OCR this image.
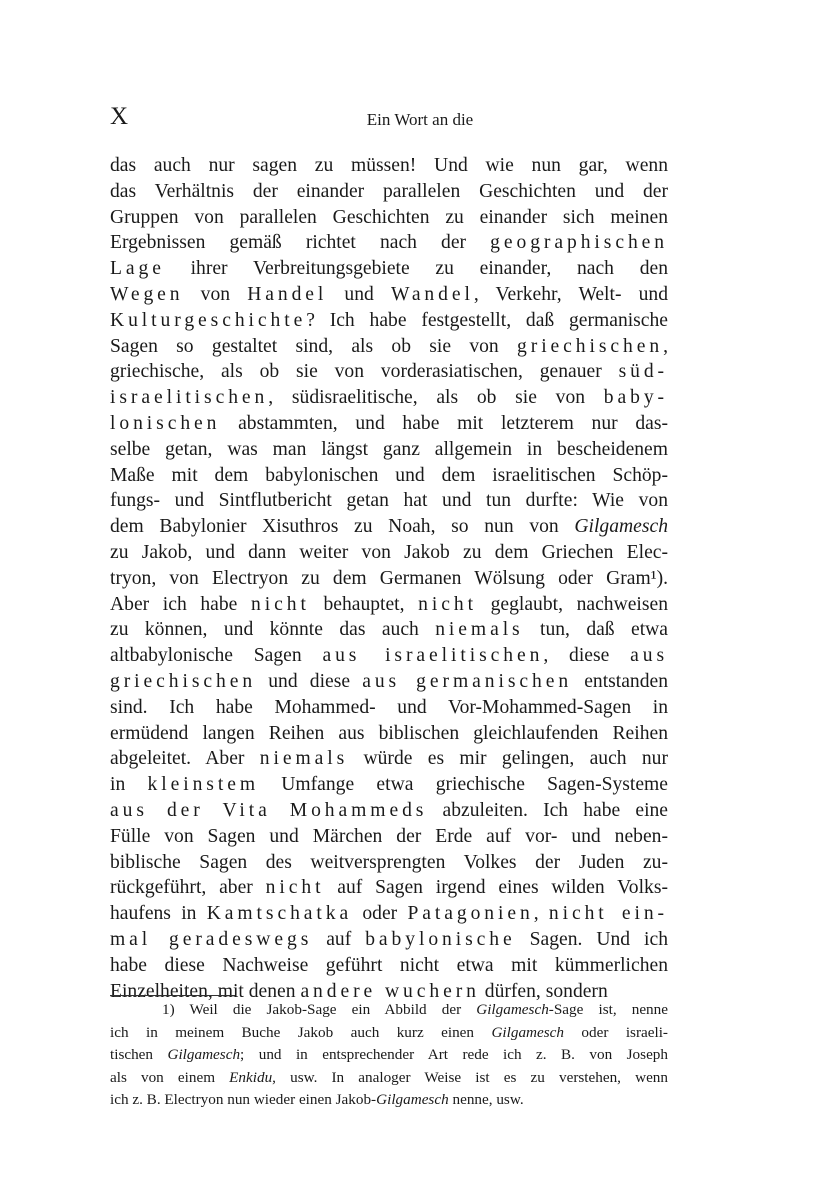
X	Ein Wort an die
das auch nur sagen zu müssen! Und wie nun gar, wenn
das Verhältnis der einander parallelen Geschichten und der
Gruppen von parallelen Geschichten zu einander sich meinen
Ergebnissen gemäß richtet nach der geographischen
Lage ihrer Verbreitungsgebiete zu einander, nach den
Wegen von Handel und Wandel, Verkehr, Welt- und
Kulturgeschichte? Ich habe festgestellt, daß germanische
Sagen so gestaltet sind, als ob sie von griechischen,
griechische, als ob sie von vorderasiatischen, genauer süd-
israelitischen, südisraelitische, als ob sie von baby-
lonischen abstammten, und habe mit letzterem nur das-
selbe getan, was man längst ganz allgemein in bescheidenem
Maße mit dem babylonischen und dem israelitischen Schöp-
fungs- und Sintflutbericht getan hat und tun durfte: Wie von
dem Babylonier Xisuthros zu Noah, so nun von Gilgamesch
zu Jakob, und dann weiter von Jakob zu dem Griechen Elec-
tryon, von Electryon zu dem Germanen Wölsung oder Gram¹).
Aber ich habe nicht behauptet, nicht geglaubt, nachweisen
zu können, und könnte das auch niemals tun, daß etwa
altbabylonische Sagen aus israelitischen, diese aus
griechischen und diese aus germanischen entstanden
sind. Ich habe Mohammed- und Vor-Mohammed-Sagen in
ermüdend langen Reihen aus biblischen gleichlaufenden Reihen
abgeleitet. Aber niemals würde es mir gelingen, auch nur
in kleinstem Umfange etwa griechische Sagen-Systeme
aus der Vita Mohammeds abzuleiten. Ich habe eine
Fülle von Sagen und Märchen der Erde auf vor- und neben-
biblische Sagen des weitversprengten Volkes der Juden zu-
rückgeführt, aber nicht auf Sagen irgend eines wilden Volks-
haufens in Kamtschatka oder Patagonien, nicht ein-
mal geradeswegs auf babylonische Sagen. Und ich
habe diese Nachweise geführt nicht etwa mit kümmerlichen
Einzelheiten, mit denen andere wuchern dürfen, sondern
1) Weil die Jakob-Sage ein Abbild der Gilgamesch-Sage ist, nenne
ich in meinem Buche Jakob auch kurz einen Gilgamesch oder israeli-
tischen Gilgamesch; und in entsprechender Art rede ich z. B. von Joseph
als von einem Enkidu, usw. In analoger Weise ist es zu verstehen, wenn
ich z. B. Electryon nun wieder einen Jakob-Gilgamesch nenne, usw.
